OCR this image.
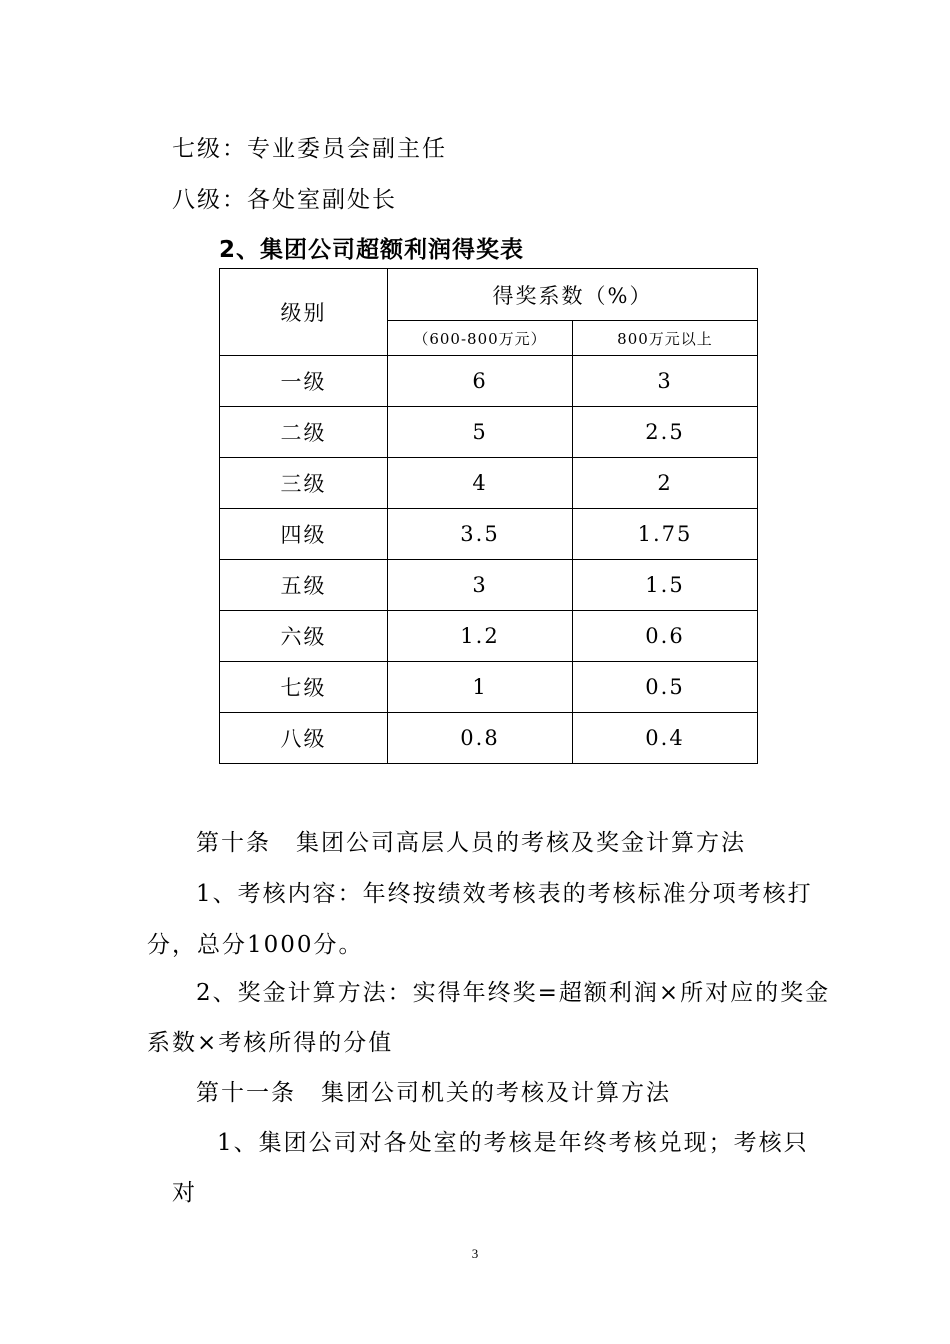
七级：专业委员会副主任
八级：各处室副处长
2、集团公司超额利润得奖表
级别	得奖系数（%）	
	（600-800万元）	800万元以上
一级	6	3
二级	5	2.5
三级	4	2
四级	3.5	1.75
五级	3	1.5
六级	1.2	0.6
七级	1	0.5
八级	0.8	0.4
第十条　集团公司高层人员的考核及奖金计算方法
1、考核内容：年终按绩效考核表的考核标准分项考核打
分，总分1000分。
2、奖金计算方法：实得年终奖=超额利润×所对应的奖金
系数×考核所得的分值
第十一条　集团公司机关的考核及计算方法
1、集团公司对各处室的考核是年终考核兑现；考核只
对
3
